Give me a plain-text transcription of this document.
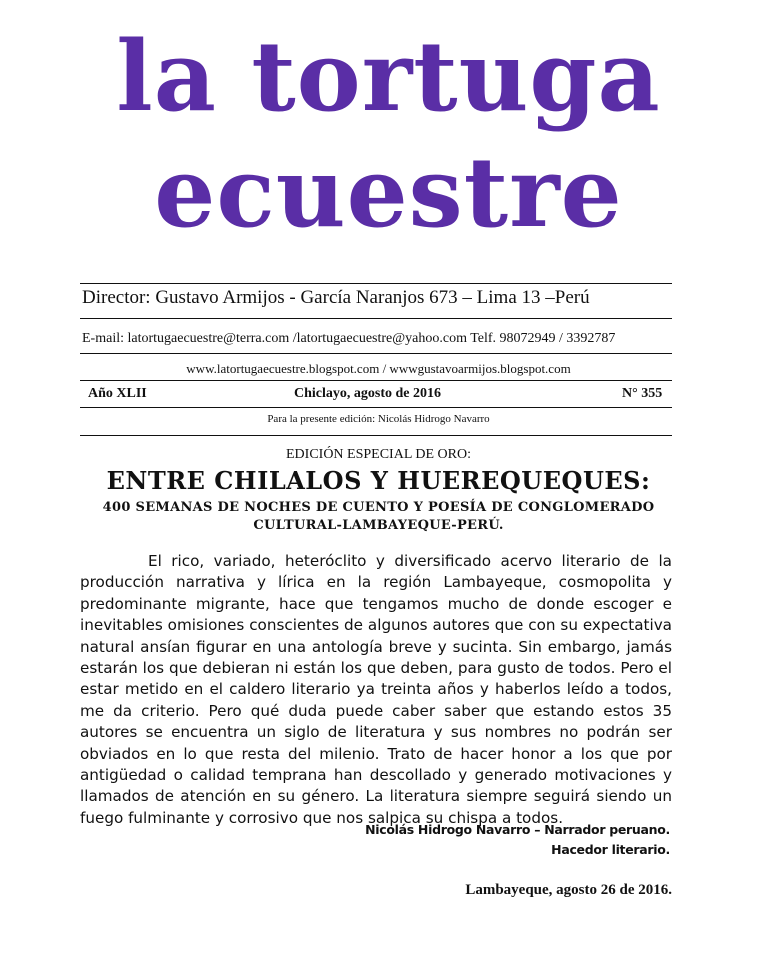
la tortuga
ecuestre
Director: Gustavo Armijos - García Naranjos 673 – Lima 13 –Perú
E-mail: latortugaecuestre@terra.com /latortugaecuestre@yahoo.com Telf. 98072949 / 3392787
www.latortugaecuestre.blogspot.com / wwwgustavoarmijos.blogspot.com
Año XLII	Chiclayo, agosto de 2016	N° 355
Para la presente edición: Nicolás Hidrogo Navarro
EDICIÓN ESPECIAL DE ORO:
ENTRE CHILALOS Y HUEREQUEQUES:
400 SEMANAS DE NOCHES DE CUENTO Y POESÍA DE CONGLOMERADO
CULTURAL-LAMBAYEQUE-PERÚ.

El rico, variado, heteróclito y diversificado acervo literario de la producción narrativa y lírica en la región Lambayeque, cosmopolita y predominante migrante, hace que tengamos mucho de donde escoger e inevitables omisiones conscientes de algunos autores que con su expectativa natural ansían figurar en una antología breve y sucinta. Sin embargo, jamás estarán los que debieran ni están los que deben, para gusto de todos. Pero el estar metido en el caldero literario ya treinta años y haberlos leído a todos, me da criterio. Pero qué duda puede caber saber que estando estos 35 autores se encuentra un siglo de literatura y sus nombres no podrán ser obviados en lo que resta del milenio. Trato de hacer honor a los que por antigüedad o calidad temprana han descollado y generado motivaciones y llamados de atención en su género. La literatura siempre seguirá siendo un fuego fulminante y corrosivo que nos salpica su chispa a todos.

Nicolás Hidrogo Navarro – Narrador peruano.
Hacedor literario.
Lambayeque, agosto 26 de 2016.
